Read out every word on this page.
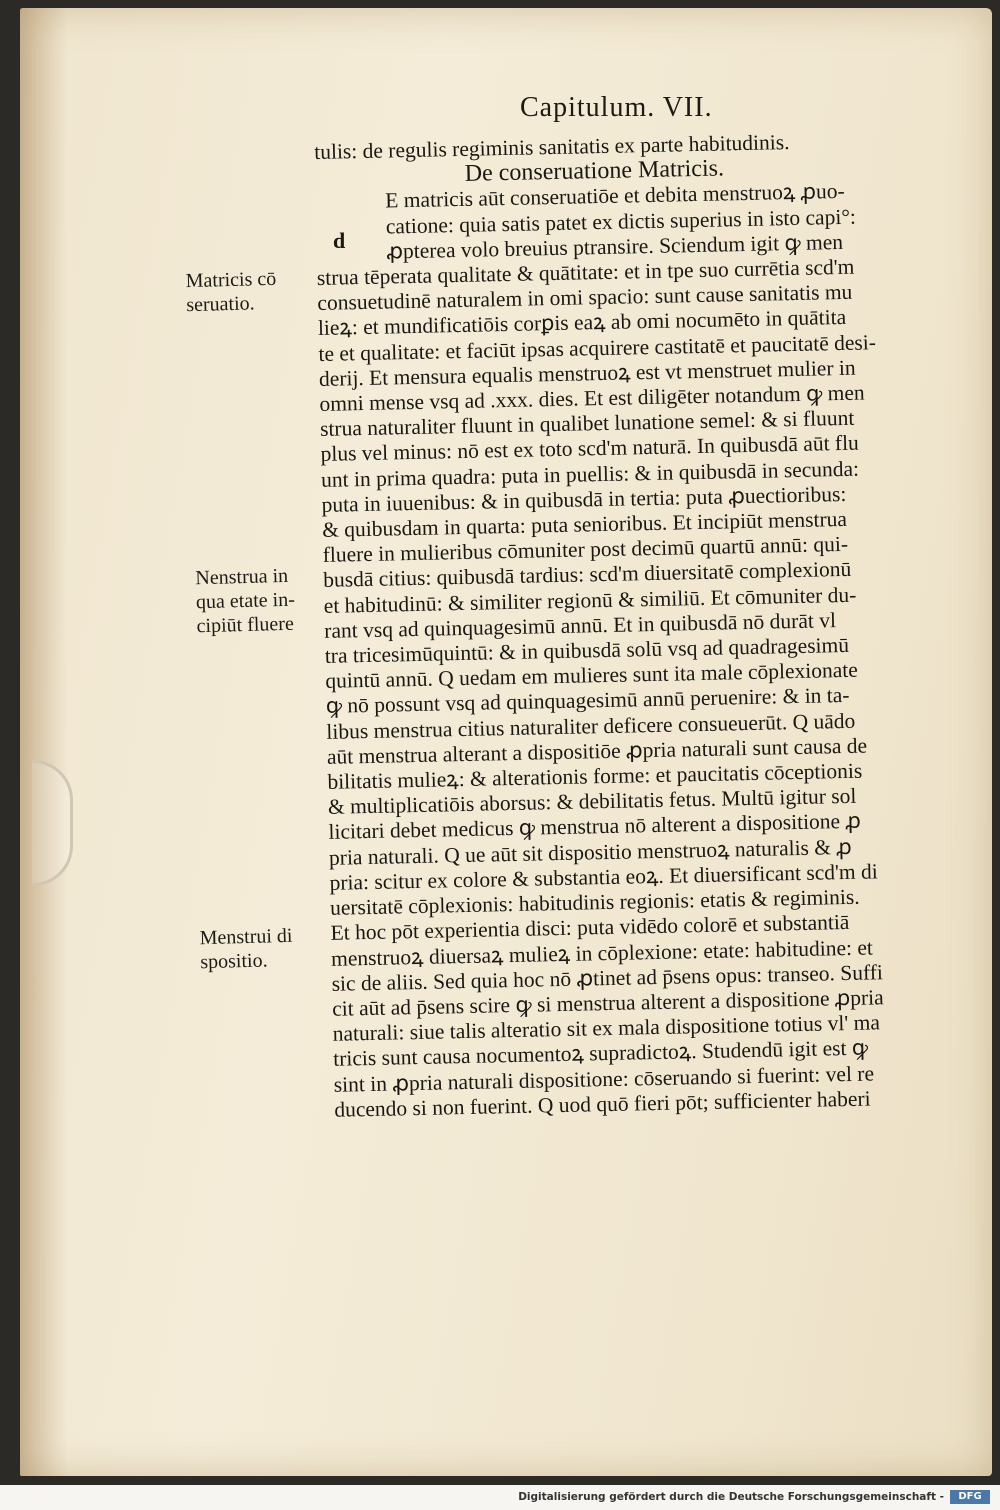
Capitulum. VII.
d
Matricis cō
seruatio.
Nenstrua in
qua etate in-
cipiūt fluere
Menstrui di
spositio.
tulis: de regulis regiminis sanitatis ex parte habitudinis.
De conseruatione Matricis.
E matricis aūt conseruatiōe et debita menstruoꝝ ꝓuo-
catione: quia satis patet ex dictis superius in isto capi°:
ꝓpterea volo breuius ptransire. Sciendum igit ꝙ men
strua tēperata qualitate & quātitate: et in tpe suo currētia scd'm
consuetudinē naturalem in omi spacio: sunt cause sanitatis mu
lieꝝ: et mundificatiōis corꝑis eaꝝ ab omi nocumēto in quātita
te et qualitate: et faciūt ipsas acquirere castitatē et paucitatē desi-
derij. Et mensura equalis menstruoꝝ est vt menstruet mulier in
omni mense vsq ad .xxx. dies. Et est diligēter notandum ꝙ men
strua naturaliter fluunt in qualibet lunatione semel: & si fluunt
plus vel minus: nō est ex toto scd'm naturā. In quibusdā aūt flu
unt in prima quadra: puta in puellis: & in quibusdā in secunda:
puta in iuuenibus: & in quibusdā in tertia: puta ꝓuectioribus:
& quibusdam in quarta: puta senioribus. Et incipiūt menstrua
fluere in mulieribus cōmuniter post decimū quartū annū: qui-
busdā citius: quibusdā tardius: scd'm diuersitatē complexionū
et habitudinū: & similiter regionū & similiū. Et cōmuniter du-
rant vsq ad quinquagesimū annū. Et in quibusdā nō durāt vl
tra tricesimūquintū: & in quibusdā solū vsq ad quadragesimū
quintū annū. Q uedam em mulieres sunt ita male cōplexionate
ꝙ nō possunt vsq ad quinquagesimū annū peruenire: & in ta-
libus menstrua citius naturaliter deficere consueuerūt. Q uādo
aūt menstrua alterant a dispositiōe ꝓpria naturali sunt causa de
bilitatis mulieꝝ: & alterationis forme: et paucitatis cōceptionis
& multiplicatiōis aborsus: & debilitatis fetus. Multū igitur sol
licitari debet medicus ꝙ menstrua nō alterent a dispositione ꝓ
pria naturali. Q ue aūt sit dispositio menstruoꝝ naturalis & ꝓ
pria: scitur ex colore & substantia eoꝝ. Et diuersificant scd'm di
uersitatē cōplexionis: habitudinis regionis: etatis & regiminis.
Et hoc pōt experientia disci: puta vidēdo colorē et substantiā
menstruoꝝ diuersaꝝ mulieꝝ in cōplexione: etate: habitudine: et
sic de aliis. Sed quia hoc nō ꝓtinet ad p̄sens opus: transeo. Suffi
cit aūt ad p̄sens scire ꝙ si menstrua alterent a dispositione ꝓpria
naturali: siue talis alteratio sit ex mala dispositione totius vl' ma
tricis sunt causa nocumentoꝝ supradictoꝝ. Studendū igit est ꝙ
sint in ꝓpria naturali dispositione: cōseruando si fuerint: vel re
ducendo si non fuerint. Q uod quō fieri pōt; sufficienter haberi
Digitalisierung gefördert durch die Deutsche Forschungsgemeinschaft -	DFG
